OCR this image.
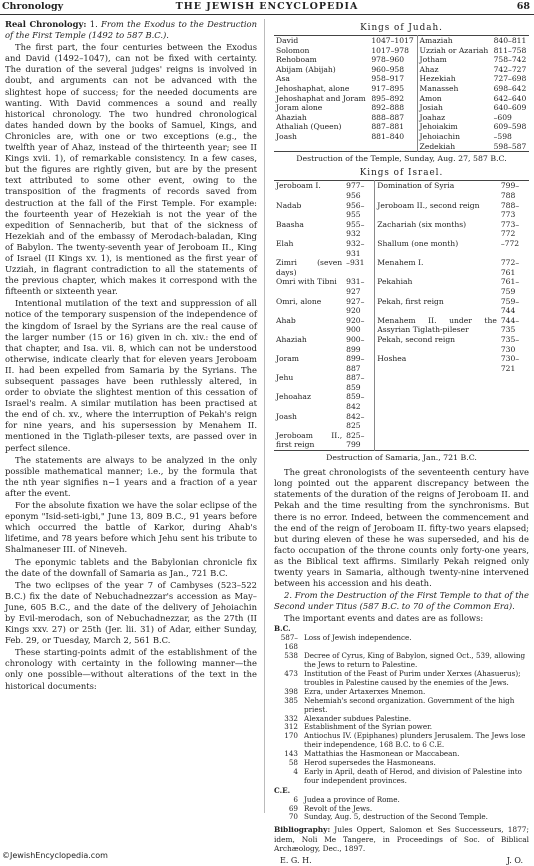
Chronology	THE JEWISH ENCYCLOPEDIA	68

Real Chronology: 1. From the Exodus to the Destruction of the First Temple (1492 to 587 B.C.).

The first part, the four centuries between the Exodus and David (1492–1047), can not be fixed with certainty. The duration of the several judges' reigns is involved in doubt, and arguments can not be advanced with the slightest hope of success; for the needed documents are wanting. With David commences a sound and really historical chronology. The two hundred chronological dates handed down by the books of Samuel, Kings, and Chronicles are, with one or two exceptions (e.g., the twelfth year of Ahaz, instead of the thirteenth year; see II Kings xvii. 1), of remarkable consistency. In a few cases, but the figures are rightly given, but are by the present text attributed to some other event, owing to the transposition of the fragments of records saved from destruction at the fall of the First Temple. For example: the fourteenth year of Hezekiah is not the year of the expedition of Sennacherib, but that of the sickness of Hezekiah and of the embassy of Merodach-baladan, King of Babylon. The twenty-seventh year of Jeroboam II., King of Israel (II Kings xv. 1), is mentioned as the first year of Uzziah, in flagrant contradiction to all the statements of the previous chapter, which makes it correspond with the fifteenth or sixteenth year.

Intentional mutilation of the text and suppression of all notice of the temporary suspension of the independence of the kingdom of Israel by the Syrians are the real cause of the larger number (15 or 16) given in ch. xiv.: the end of that chapter, and Isa. vii. 8, which can not be understood otherwise, indicate clearly that for eleven years Jeroboam II. had been expelled from Samaria by the Syrians. The subsequent passages have been ruthlessly altered, in order to obviate the slightest mention of this cessation of Israel's realm. A similar mutilation has been practised at the end of ch. xv., where the interruption of Pekah's reign for nine years, and his supersession by Menahem II. mentioned in the Tiglath-pileser texts, are passed over in perfect silence.

The statements are always to be analyzed in the only possible mathematical manner; i.e., by the formula that the nth year signifies n−1 years and a fraction of a year after the event.

For the absolute fixation we have the solar eclipse of the eponym "Isid-seti-igbi," June 13, 809 B.C., 91 years before which occurred the battle of Karkor, during Ahab's lifetime, and 78 years before which Jehu sent his tribute to Shalmaneser III. of Nineveh.

The eponymic tablets and the Babylonian chronicle fix the date of the downfall of Samaria as Jan., 721 B.C.

The two eclipses of the year 7 of Cambyses (523–522 B.C.) fix the date of Nebuchadnezzar's accession as May–June, 605 B.C., and the date of the delivery of Jehoiachin by Evil-merodach, son of Nebuchadnezzar, as the 27th (II Kings xxv. 27) or 25th (Jer. lii. 31) of Adar, either Sunday, Feb. 29, or Tuesday, March 2, 561 B.C.

These starting-points admit of the establishment of the chronology with certainty in the following manner—the only one possible—without alterations of the text in the historical documents:

Kings of Judah.
David	1047–1017	Amaziah	840–811
Solomon	1017–978	Uzziah or Azariah	811–758
Rehoboam	978–960	Jotham	758–742
Abijam (Abijah)	960–958	Ahaz	742–727
Asa	958–917	Hezekiah	727–698
Jehoshaphat, alone	917–895	Manasseh	698–642
Jehoshaphat and Joram	895–892	Amon	642–640
Joram alone	892–888	Josiah	640–609
Ahaziah	888–887	Joahaz	–609
Athaliah (Queen)	887–881	Jehoiakim	609–598
Joash	881–840	Jehoiachin	–598
		Zedekiah	598–587
Destruction of the Temple, Sunday, Aug. 27, 587 B.C.
Kings of Israel.
Jeroboam I.	977–956	Domination of Syria	799–788
Nadab	956–955	Jeroboam II., second reign	788–773
Baasha	955–932	Zachariah (six months)	773–772
Elah	932–931	Shallum (one month)	–772
Zimri (seven days)	–931	Menahem I.	772–761
Omri with Tibni	931–927	Pekahiah	761–759
Omri, alone	927–920	Pekah, first reign	759–744
Ahab	920–900	Menahem II. under the Assyrian Tiglath-pileser	744–735
Ahaziah	900–899	Pekah, second reign	735–730
Joram	899–887	Hoshea	730–721
Jehu	887–859		
Jehoahaz	859–842		
Joash	842–825		
Jeroboam II., first reign	825–799		
Destruction of Samaria, Jan., 721 B.C.

The great chronologists of the seventeenth century have long pointed out the apparent discrepancy between the statements of the duration of the reigns of Jeroboam II. and Pekah and the time resulting from the synchronisms. But there is no error. Indeed, between the commencement and the end of the reign of Jeroboam II. fifty-two years elapsed; but during eleven of these he was superseded, and his de facto occupation of the throne counts only forty-one years, as the Biblical text affirms. Similarly Pekah reigned only twenty years in Samaria, although twenty-nine intervened between his accession and his death.

2. From the Destruction of the First Temple to that of the Second under Titus (587 B.C. to 70 of the Common Era).

The important events and dates are as follows:

B.C.
587–168
Loss of Jewish independence.
538 Decree of Cyrus, King of Babylon, signed Oct., 539, allowing the Jews to return to Palestine.
473 Institution of the Feast of Purim under Xerxes (Ahasuerus); troubles in Palestine caused by the enemies of the Jews.
398 Ezra, under Artaxerxes Mnemon.
385 Nehemiah's second organization. Government of the high priest.
332 Alexander subdues Palestine.
312 Establishment of the Syrian power.
170 Antiochus IV. (Epiphanes) plunders Jerusalem. The Jews lose their independence, 168 B.C. to 6 C.E.
143 Mattathias the Hasmonean or Maccabean.
58 Herod supersedes the Hasmoneans.
4 Early in April, death of Herod, and division of Palestine into four independent provinces.
C.E.
6 Judea a province of Rome.
69 Revolt of the Jews.
70 Sunday, Aug. 5, destruction of the Second Temple.
Bibliography: Jules Oppert, Salomon et Ses Successeurs, 1877; idem, Noli Me Tangere, in Proceedings of Soc. of Biblical Archæology, Dec., 1897.
E. G. H.	J. O.
©JewishEncyclopedia.com
